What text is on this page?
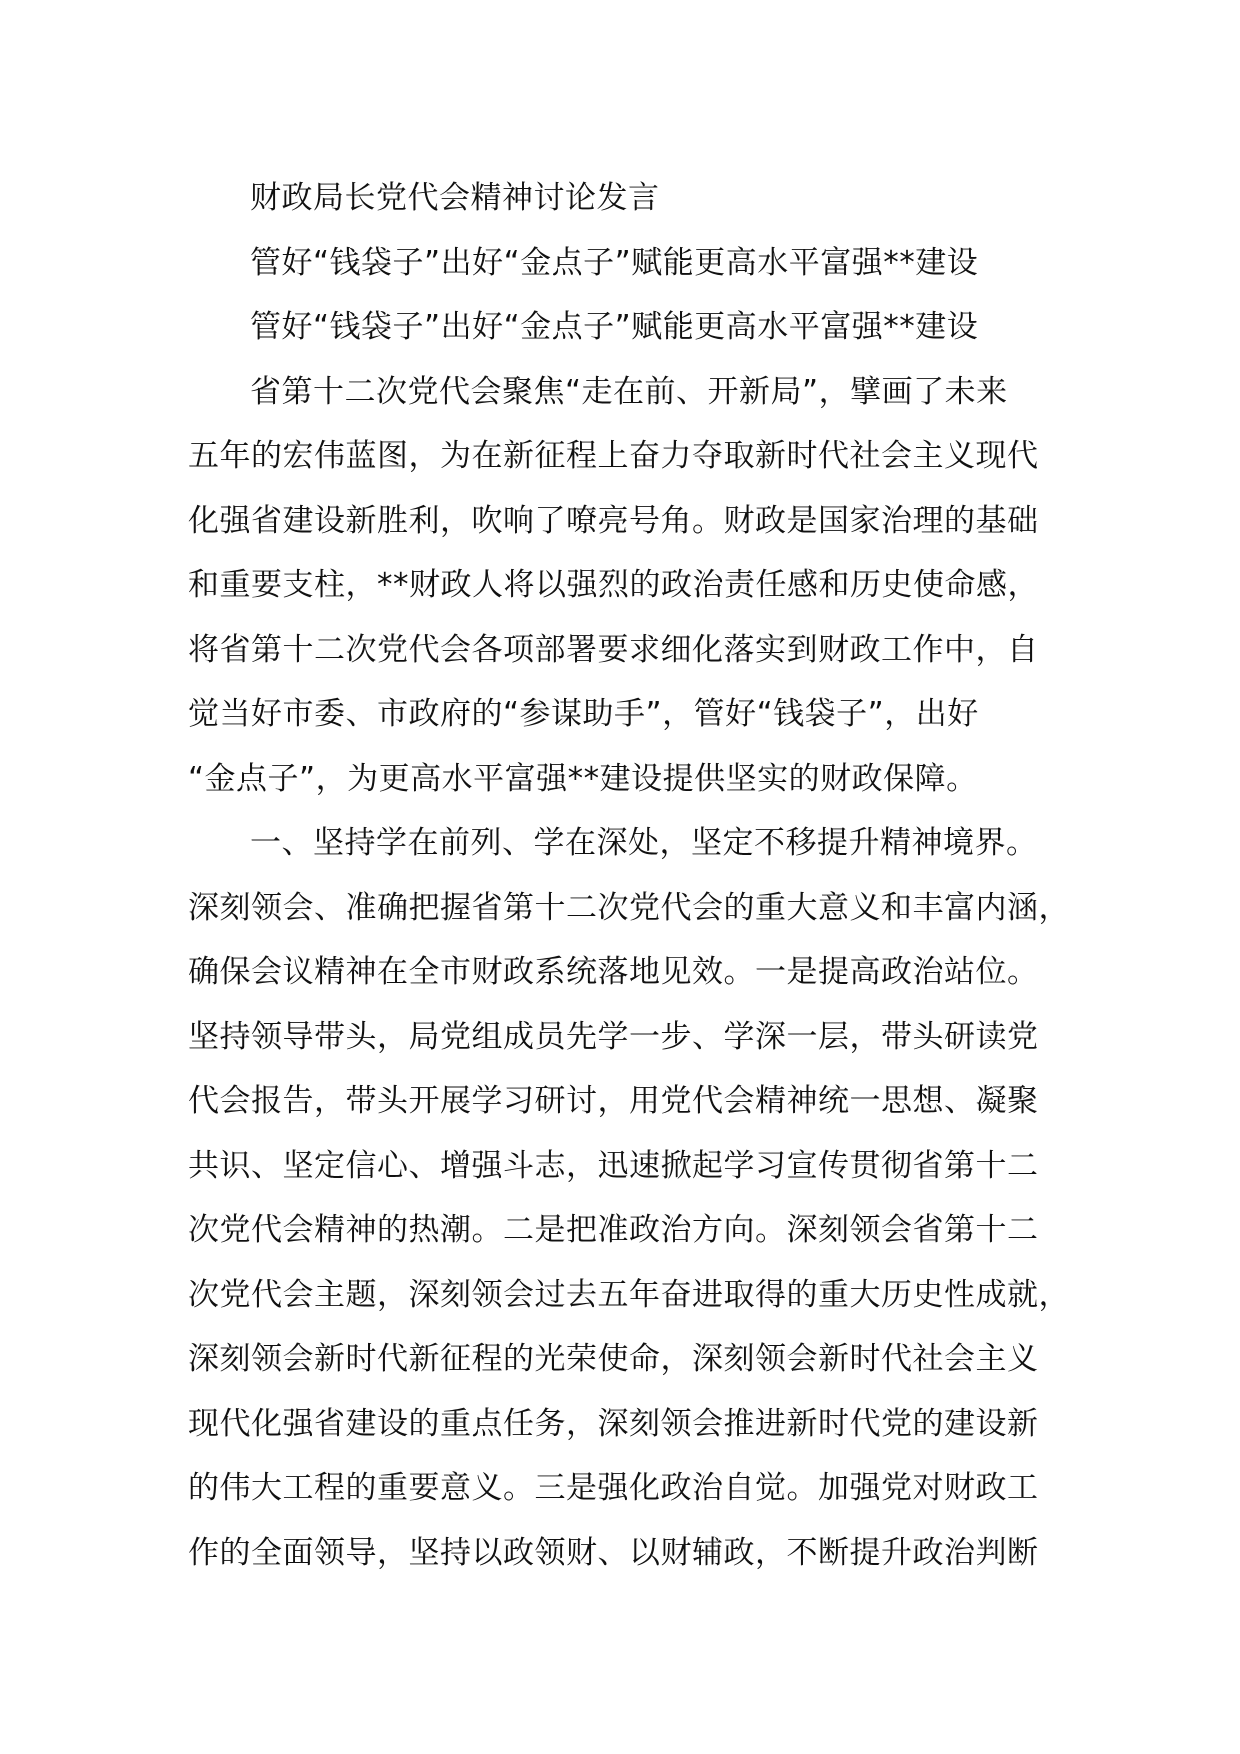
财政局长党代会精神讨论发言
管好“钱袋子”出好“金点子”赋能更高水平富强**建设
管好“钱袋子”出好“金点子”赋能更高水平富强**建设
省第十二次党代会聚焦“走在前、开新局”，擘画了未来
五年的宏伟蓝图，为在新征程上奋力夺取新时代社会主义现代
化强省建设新胜利，吹响了嘹亮号角。财政是国家治理的基础
和重要支柱，**财政人将以强烈的政治责任感和历史使命感，
将省第十二次党代会各项部署要求细化落实到财政工作中，自
觉当好市委、市政府的“参谋助手”，管好“钱袋子”，出好
“金点子”，为更高水平富强**建设提供坚实的财政保障。
一、坚持学在前列、学在深处，坚定不移提升精神境界。
深刻领会、准确把握省第十二次党代会的重大意义和丰富内涵，
确保会议精神在全市财政系统落地见效。一是提高政治站位。
坚持领导带头，局党组成员先学一步、学深一层，带头研读党
代会报告，带头开展学习研讨，用党代会精神统一思想、凝聚
共识、坚定信心、增强斗志，迅速掀起学习宣传贯彻省第十二
次党代会精神的热潮。二是把准政治方向。深刻领会省第十二
次党代会主题，深刻领会过去五年奋进取得的重大历史性成就，
深刻领会新时代新征程的光荣使命，深刻领会新时代社会主义
现代化强省建设的重点任务，深刻领会推进新时代党的建设新
的伟大工程的重要意义。三是强化政治自觉。加强党对财政工
作的全面领导，坚持以政领财、以财辅政，不断提升政治判断
